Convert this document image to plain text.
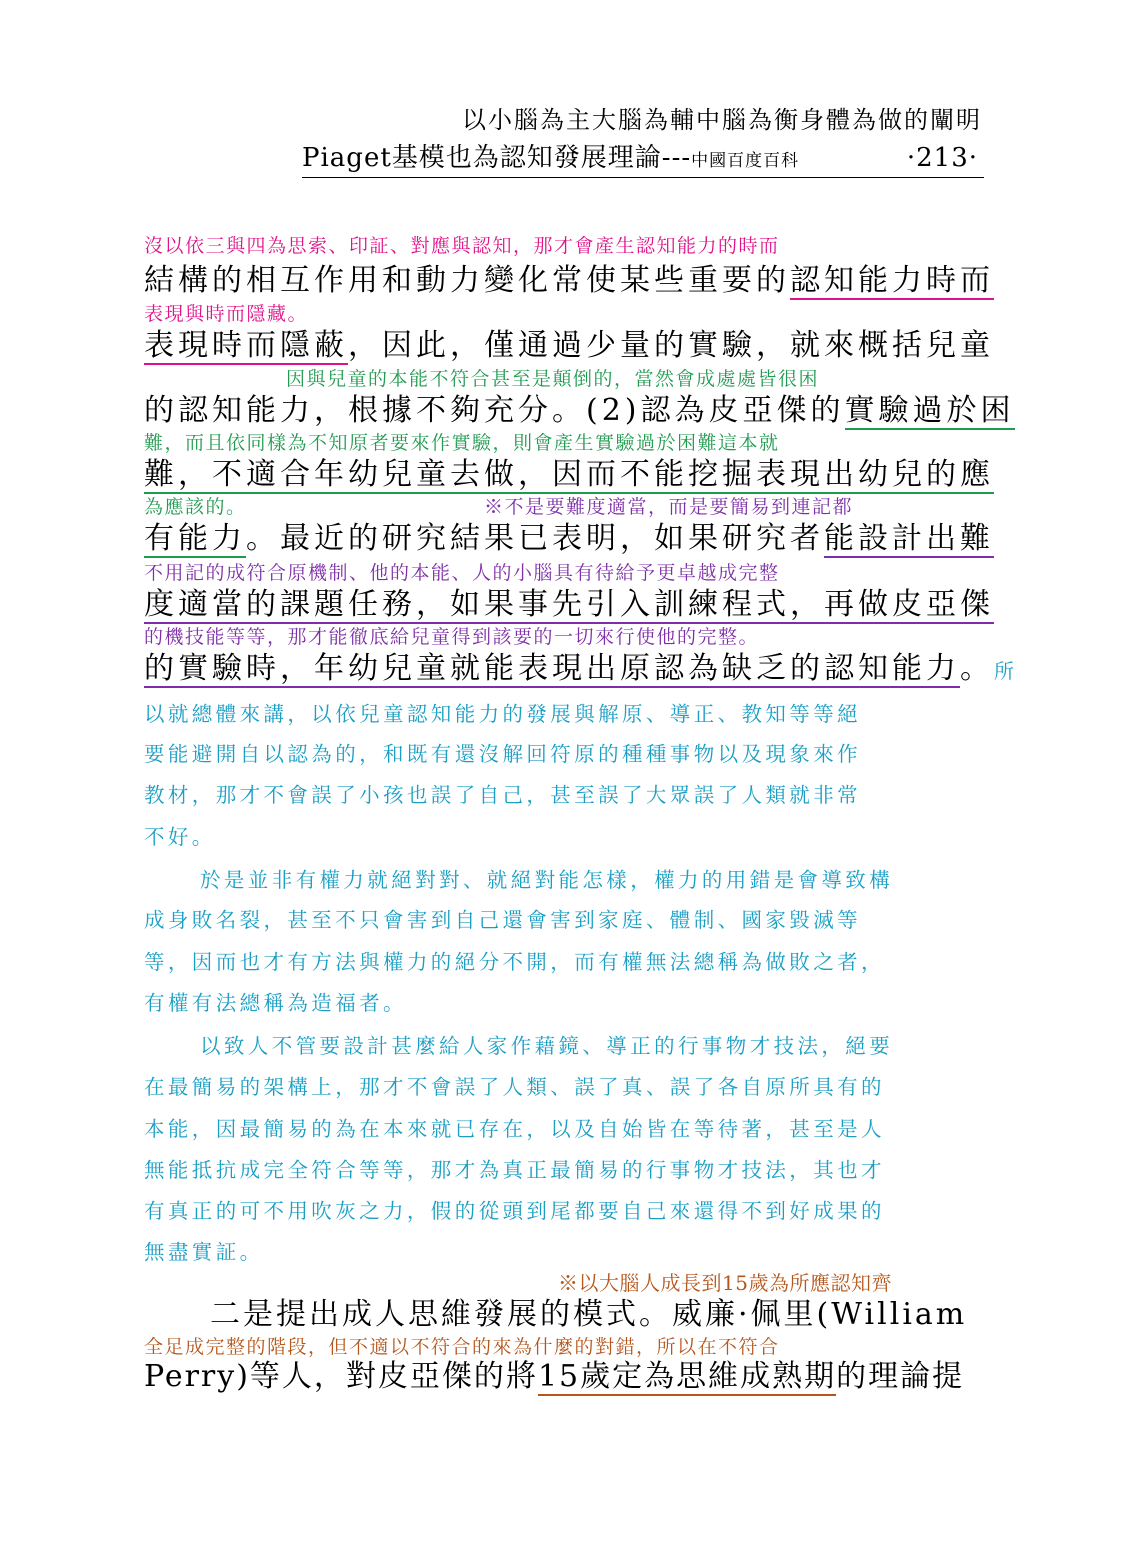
以小腦為主大腦為輔中腦為衡身體為做的闡明
Piaget基模也為認知發展理論---中國百度百科	·213·
沒以依三與四為思索、印証、對應與認知，那才會產生認知能力的時而
結構的相互作用和動力變化常使某些重要的認知能力時而
表現與時而隱藏。
表現時而隱蔽，因此，僅通過少量的實驗，就來概括兒童
因與兒童的本能不符合甚至是顛倒的，當然會成處處皆很困
的認知能力，根據不夠充分。(2)認為皮亞傑的實驗過於困
難，而且依同樣為不知原者要來作實驗，則會產生實驗過於困難這本就
難，不適合年幼兒童去做，因而不能挖掘表現出幼兒的應
為應該的。	※不是要難度適當，而是要簡易到連記都
有能力。最近的研究結果已表明，如果研究者能設計出難
不用記的成符合原機制、他的本能、人的小腦具有待給予更卓越成完整
度適當的課題任務，如果事先引入訓練程式，再做皮亞傑
的機技能等等，那才能徹底給兒童得到該要的一切來行使他的完整。
的實驗時，年幼兒童就能表現出原認為缺乏的認知能力。所
以就總體來講，以依兒童認知能力的發展與解原、導正、教知等等絕
要能避開自以認為的，和既有還沒解回符原的種種事物以及現象來作
教材，那才不會誤了小孩也誤了自己，甚至誤了大眾誤了人類就非常
不好。
於是並非有權力就絕對對、就絕對能怎樣，權力的用錯是會導致構
成身敗名裂，甚至不只會害到自己還會害到家庭、體制、國家毀滅等
等，因而也才有方法與權力的絕分不開，而有權無法總稱為做敗之者，
有權有法總稱為造福者。
以致人不管要設計甚麼給人家作藉鏡、導正的行事物才技法，絕要
在最簡易的架構上，那才不會誤了人類、誤了真、誤了各自原所具有的
本能，因最簡易的為在本來就已存在，以及自始皆在等待著，甚至是人
無能抵抗成完全符合等等，那才為真正最簡易的行事物才技法，其也才
有真正的可不用吹灰之力，假的從頭到尾都要自己來還得不到好成果的
無盡實証。
※以大腦人成長到15歲為所應認知齊
二是提出成人思維發展的模式。威廉·佩里(William
全足成完整的階段，但不適以不符合的來為什麼的對錯，所以在不符合
Perry)等人，對皮亞傑的將15歲定為思維成熟期的理論提
